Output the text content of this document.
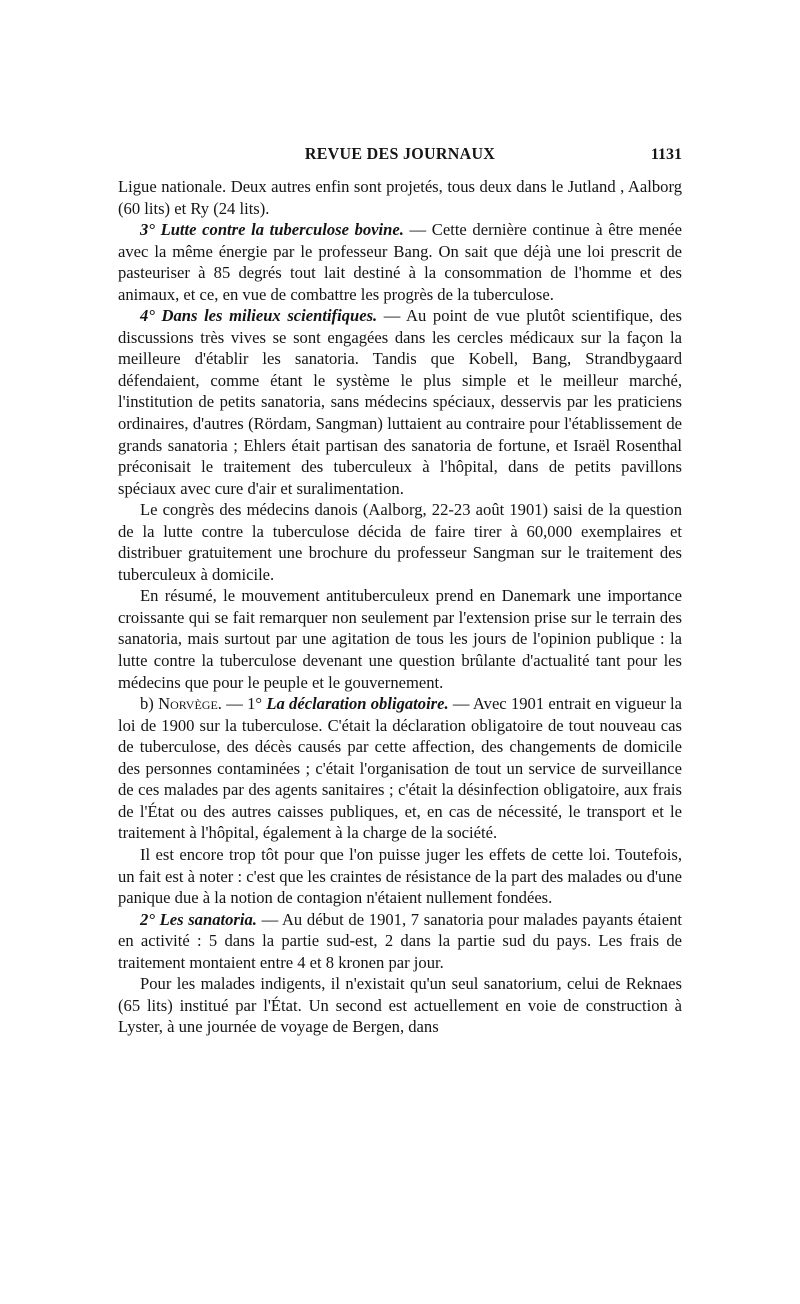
REVUE DES JOURNAUX	1131

Ligue nationale. Deux autres enfin sont projetés, tous deux dans le Jutland , Aalborg (60 lits) et Ry (24 lits).

3° Lutte contre la tuberculose bovine. — Cette dernière continue à être menée avec la même énergie par le professeur Bang. On sait que déjà une loi prescrit de pasteuriser à 85 degrés tout lait destiné à la consommation de l'homme et des animaux, et ce, en vue de combattre les progrès de la tuberculose.

4° Dans les milieux scientifiques. — Au point de vue plutôt scientifique, des discussions très vives se sont engagées dans les cercles médicaux sur la façon la meilleure d'établir les sanatoria. Tandis que Kobell, Bang, Strandbygaard défendaient, comme étant le système le plus simple et le meilleur marché, l'institution de petits sanatoria, sans médecins spéciaux, desservis par les praticiens ordinaires, d'autres (Rördam, Sangman) luttaient au contraire pour l'établissement de grands sanatoria ; Ehlers était partisan des sanatoria de fortune, et Israël Rosenthal préconisait le traitement des tuberculeux à l'hôpital, dans de petits pavillons spéciaux avec cure d'air et suralimentation.

Le congrès des médecins danois (Aalborg, 22-23 août 1901) saisi de la question de la lutte contre la tuberculose décida de faire tirer à 60,000 exemplaires et distribuer gratuitement une brochure du professeur Sangman sur le traitement des tuberculeux à domicile.

En résumé, le mouvement antituberculeux prend en Danemark une importance croissante qui se fait remarquer non seulement par l'extension prise sur le terrain des sanatoria, mais surtout par une agitation de tous les jours de l'opinion publique : la lutte contre la tuberculose devenant une question brûlante d'actualité tant pour les médecins que pour le peuple et le gouvernement.

b) Norvège. — 1° La déclaration obligatoire. — Avec 1901 entrait en vigueur la loi de 1900 sur la tuberculose. C'était la déclaration obligatoire de tout nouveau cas de tuberculose, des décès causés par cette affection, des changements de domicile des personnes contaminées ; c'était l'organisation de tout un service de surveillance de ces malades par des agents sanitaires ; c'était la désinfection obligatoire, aux frais de l'État ou des autres caisses publiques, et, en cas de nécessité, le transport et le traitement à l'hôpital, également à la charge de la société.

Il est encore trop tôt pour que l'on puisse juger les effets de cette loi. Toutefois, un fait est à noter : c'est que les craintes de résistance de la part des malades ou d'une panique due à la notion de contagion n'étaient nullement fondées.

2° Les sanatoria. — Au début de 1901, 7 sanatoria pour malades payants étaient en activité : 5 dans la partie sud-est, 2 dans la partie sud du pays. Les frais de traitement montaient entre 4 et 8 kronen par jour.

Pour les malades indigents, il n'existait qu'un seul sanatorium, celui de Reknaes (65 lits) institué par l'État. Un second est actuellement en voie de construction à Lyster, à une journée de voyage de Bergen, dans
